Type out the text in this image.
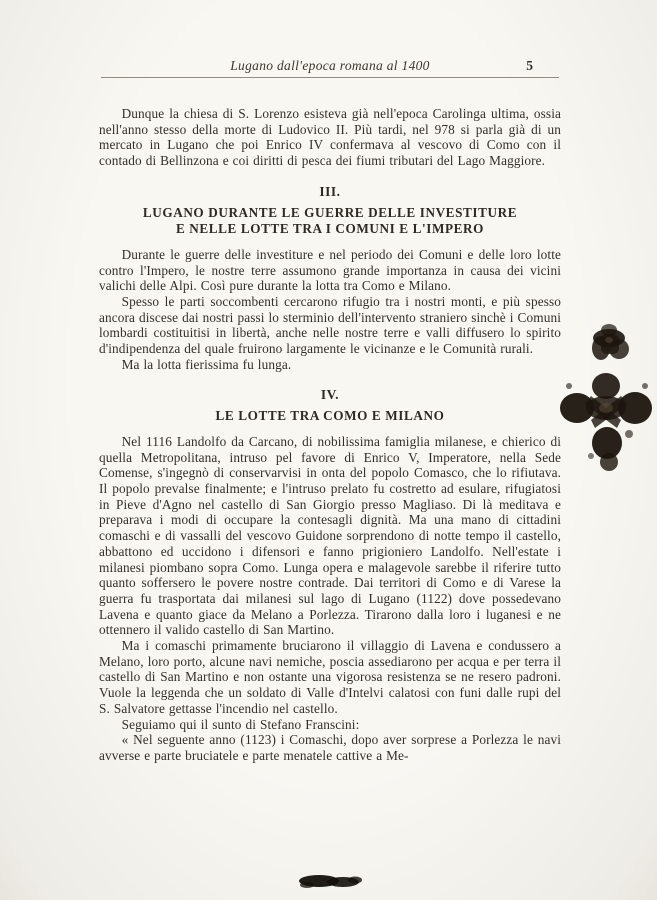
Lugano dall'epoca romana al 1400	5

Dunque la chiesa di S. Lorenzo esisteva già nell'epoca Carolinga ultima, ossia nell'anno stesso della morte di Ludovico II. Più tardi, nel 978 si parla già di un mercato in Lugano che poi Enrico IV confermava al vescovo di Como con il contado di Bellinzona e coi diritti di pesca dei fiumi tributari del Lago Maggiore.

III.
LUGANO DURANTE LE GUERRE DELLE INVESTITURE
E NELLE LOTTE TRA I COMUNI E L'IMPERO

Durante le guerre delle investiture e nel periodo dei Comuni e delle loro lotte contro l'Impero, le nostre terre assumono grande importanza in causa dei vicini valichi delle Alpi. Così pure durante la lotta tra Como e Milano.

Spesso le parti soccombenti cercarono rifugio tra i nostri monti, e più spesso ancora discese dai nostri passi lo sterminio dell'intervento straniero sinchè i Comuni lombardi costituitisi in libertà, anche nelle nostre terre e valli diffusero lo spirito d'indipendenza del quale fruirono largamente le vicinanze e le Comunità rurali.

Ma la lotta fierissima fu lunga.

IV.
LE LOTTE TRA COMO E MILANO

Nel 1116 Landolfo da Carcano, di nobilissima famiglia milanese, e chierico di quella Metropolitana, intruso pel favore di Enrico V, Imperatore, nella Sede Comense, s'ingegnò di conservarvisi in onta del popolo Comasco, che lo rifiutava. Il popolo prevalse finalmente; e l'intruso prelato fu costretto ad esulare, rifugiatosi in Pieve d'Agno nel castello di San Giorgio presso Magliaso. Di là meditava e preparava i modi di occupare la contesagli dignità. Ma una mano di cittadini comaschi e di vassalli del vescovo Guidone sorprendono di notte tempo il castello, abbattono ed uccidono i difensori e fanno prigioniero Landolfo. Nell'estate i milanesi piombano sopra Como. Lunga opera e malagevole sarebbe il riferire tutto quanto soffersero le povere nostre contrade. Dai territori di Como e di Varese la guerra fu trasportata dai milanesi sul lago di Lugano (1122) dove possedevano Lavena e quanto giace da Melano a Porlezza. Tirarono dalla loro i luganesi e ne ottennero il valido castello di San Martino.

Ma i comaschi primamente bruciarono il villaggio di Lavena e condussero a Melano, loro porto, alcune navi nemiche, poscia assediarono per acqua e per terra il castello di San Martino e non ostante una vigorosa resistenza se ne resero padroni. Vuole la leggenda che un soldato di Valle d'Intelvi calatosi con funi dalle rupi del S. Salvatore gettasse l'incendio nel castello.

Seguiamo qui il sunto di Stefano Franscini:

« Nel seguente anno (1123) i Comaschi, dopo aver sorprese a Porlezza le navi avverse e parte bruciatele e parte menatele cattive a Me-
